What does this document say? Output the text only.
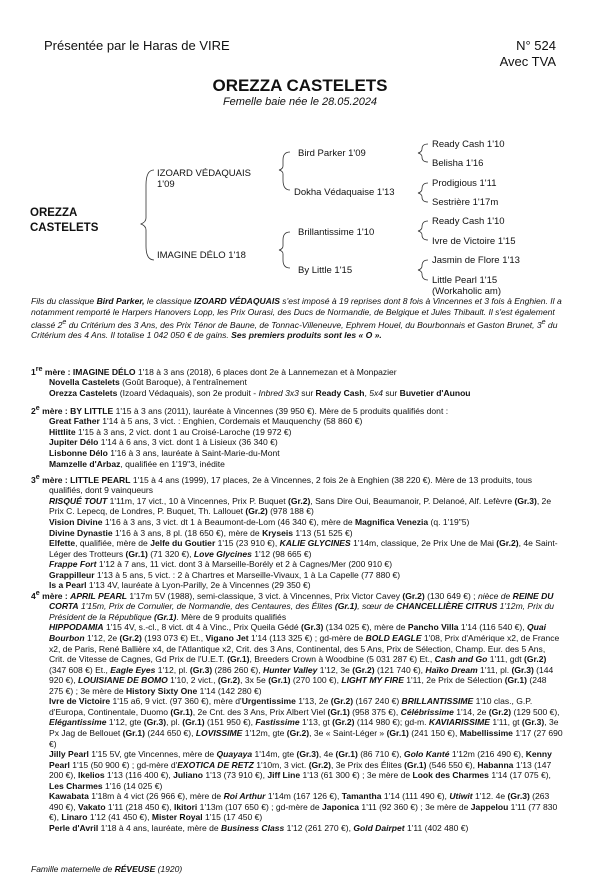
Présentée par le Haras de VIRE	N° 524
Avec TVA
OREZZA CASTELETS
Femelle baie née le 28.05.2024
OREZZA
CASTELETS
IZOARD VÉDAQUAIS
1'09
IMAGINE DÉLO 1'18
Bird Parker 1'09
Dokha Védaquaise 1'13
Brillantissime 1'10
By Little 1'15
Ready Cash 1'10
Belisha 1'16
Prodigious 1'11
Sestrière 1'17m
Ready Cash 1'10
Ivre de Victoire 1'15
Jasmin de Flore 1'13
Little Pearl 1'15
(Workaholic am)

Fils du classique Bird Parker, le classique IZOARD VÉDAQUAIS s'est imposé à 19 reprises dont 8 fois à Vincennes et 3 fois à Enghien. Il a notamment remporté le Harpers Hanovers Lopp, les Prix Ourasi, des Ducs de Normandie, de Belgique et Jules Thibault. Il s'est également classé 2e du Critérium des 3 Ans, des Prix Ténor de Baune, de Tonnac-Villeneuve, Ephrem Houel, du Bourbonnais et Gaston Brunet, 3e du Critérium des 4 Ans. Il totalise 1 042 050 € de gains. Ses premiers produits sont les « O ».

1re mère : IMAGINE DÉLO 1'18 à 3 ans (2018), 6 places dont 2e à Lannemezan et à Monpazier

Novella Castelets (Goût Baroque), à l'entraînement

Orezza Castelets (Izoard Védaquais), son 2e produit - Inbred 3x3 sur Ready Cash, 5x4 sur Buvetier d'Aunou

2e mère : BY LITTLE 1'15 à 3 ans (2011), lauréate à Vincennes (39 950 €). Mère de 5 produits qualifiés dont :

Great Father 1'14 à 5 ans, 3 vict. : Enghien, Cordemais et Mauquenchy (58 860 €)

Hittlite 1'15 à 3 ans, 2 vict. dont 1 au Croisé-Laroche (19 972 €)

Jupiter Délo 1'14 à 6 ans, 3 vict. dont 1 à Lisieux (36 340 €)

Lisbonne Délo 1'16 à 3 ans, lauréate à Saint-Marie-du-Mont

Mamzelle d'Arbaz, qualifiée en 1'19"3, inédite

3e mère : LITTLE PEARL 1'15 à 4 ans (1999), 17 places, 2e à Vincennes, 2 fois 2e à Enghien (38 220 €). Mère de 13 produits, tous qualifiés, dont 9 vainqueurs

RISQUÉ TOUT 1'11m, 17 vict., 10 à Vincennes, Prix P. Buquet (Gr.2), Sans Dire Oui, Beaumanoir, P. Delanoé, Alf. Lefèvre (Gr.3), 2e Prix C. Lepecq, de Londres, P. Buquet, Th. Lallouet (Gr.2) (978 188 €)

Vision Divine 1'16 à 3 ans, 3 vict. dt 1 à Beaumont-de-Lom (46 340 €), mère de Magnifica Venezia (q. 1'19"5)

Divine Dynastie 1'16 à 3 ans, 8 pl. (18 650 €), mère de Kryseis 1'13 (51 525 €)

Elfette, qualifiée, mère de Jelfe du Goutier 1'15 (23 910 €), KALIE GLYCINES 1'14m, classique, 2e Prix Une de Mai (Gr.2), 4e Saint-Léger des Trotteurs (Gr.1) (71 320 €), Love Glycines 1'12 (98 665 €)

Frappe Fort 1'12 à 7 ans, 11 vict. dont 3 à Marseille-Borély et 2 à Cagnes/Mer (200 910 €)

Grappilleur 1'13 à 5 ans, 5 vict. : 2 à Chartres et Marseille-Vivaux, 1 à La Capelle (77 880 €)

Is a Pearl 1'13 4V, lauréate à Lyon-Parilly, 2e à Vincennes (29 350 €)

4e mère : APRIL PEARL 1'17m 5V (1988), semi-classique, 3 vict. à Vincennes, Prix Victor Cavey (Gr.2) (130 649 €) ; nièce de REINE DU CORTA 1'15m, Prix de Cornulier, de Normandie, des Centaures, des Élites (Gr.1), sœur de CHANCELLIÈRE CITRUS 1'12m, Prix du Président de la République (Gr.1). Mère de 9 produits qualifiés

HIPPODAMIA 1'15 4V, s.-cl., 8 vict. dt 4 à Vinc., Prix Queila Gédé (Gr.3) (134 025 €), mère de Pancho Villa 1'14 (116 540 €), Quai Bourbon 1'12, 2e (Gr.2) (193 073 €) Et., Vigano Jet 1'14 (113 325 €) ; gd-mère de BOLD EAGLE 1'08, Prix d'Amérique x2, de France x2, de Paris, René Ballière x4, de l'Atlantique x2, Crit. des 3 Ans, Continental, des 5 Ans, Prix de Sélection, Champ. Eur. des 5 Ans, Crit. de Vitesse de Cagnes, Gd Prix de l'U.E.T. (Gr.1), Breeders Crown à Woodbine (5 031 287 €) Et., Cash and Go 1'11, gdt (Gr.2) (347 608 €) Et., Eagle Eyes 1'12, pl. (Gr.3) (286 260 €), Hunter Valley 1'12, 3e (Gr.2) (121 740 €), Haïko Dream 1'11, pl. (Gr.3) (144 920 €), LOUISIANE DE BOMO 1'10, 2 vict., (Gr.2), 3x 5e (Gr.1) (270 100 €), LIGHT MY FIRE 1'11, 2e Prix de Sélection (Gr.1) (248 275 €) ; 3e mère de History Sixty One 1'14 (142 280 €)

Ivre de Victoire 1'15 a6, 9 vict. (97 360 €), mère d'Urgentissime 1'13, 2e (Gr.2) (167 240 €) BRILLANTISSIME 1'10 clas., G.P. d'Europa, Continentale, Duomo (Gr.1), 2e Cnt. des 3 Ans, Prix Albert Viel (Gr.1) (958 375 €), Célébrissime 1'14, 2e (Gr.2) (129 500 €), Elégantissime 1'12, gte (Gr.3), pl. (Gr.1) (151 950 €), Fastissime 1'13, gt (Gr.2) (114 980 €); gd-m. KAVIARISSIME 1'11, gt (Gr.3), 3e Px Jag de Bellouet (Gr.1) (244 650 €), LOVISSIME 1'12m, gte (Gr.2), 3e « Saint-Léger » (Gr.1) (241 150 €), Mabellissime 1'17 (27 690 €)

Jilly Pearl 1'15 5V, gte Vincennes, mère de Quayaya 1'14m, gte (Gr.3), 4e (Gr.1) (86 710 €), Golo Kanté 1'12m (216 490 €), Kenny Pearl 1'15 (50 900 €) ; gd-mère d'EXOTICA DE RETZ 1'10m, 3 vict. (Gr.2), 3e Prix des Élites (Gr.1) (546 550 €), Habanna 1'13 (147 200 €), Ikelios 1'13 (116 400 €), Juliano 1'13 (73 910 €), Jiff Line 1'13 (61 300 €) ; 3e mère de Look des Charmes 1'14 (17 075 €), Les Charmes 1'16 (14 025 €)

Kawabata 1'18m à 4 vict (26 966 €), mère de Roi Arthur 1'14m (167 126 €), Tamantha 1'14 (111 490 €), Utiwit 1'12. 4e (Gr.3) (263 490 €), Vakato 1'11 (218 450 €), Ikitori 1'13m (107 650 €) ; gd-mère de Japonica 1'11 (92 360 €) ; 3e mère de Jappelou 1'11 (77 830 €), Linaro 1'12 (41 450 €), Mister Royal 1'15 (17 450 €)

Perle d'Avril 1'18 à 4 ans, lauréate, mère de Business Class 1'12 (261 270 €), Gold Dairpet 1'11 (402 480 €)

Famille maternelle de RÉVEUSE (1920)
